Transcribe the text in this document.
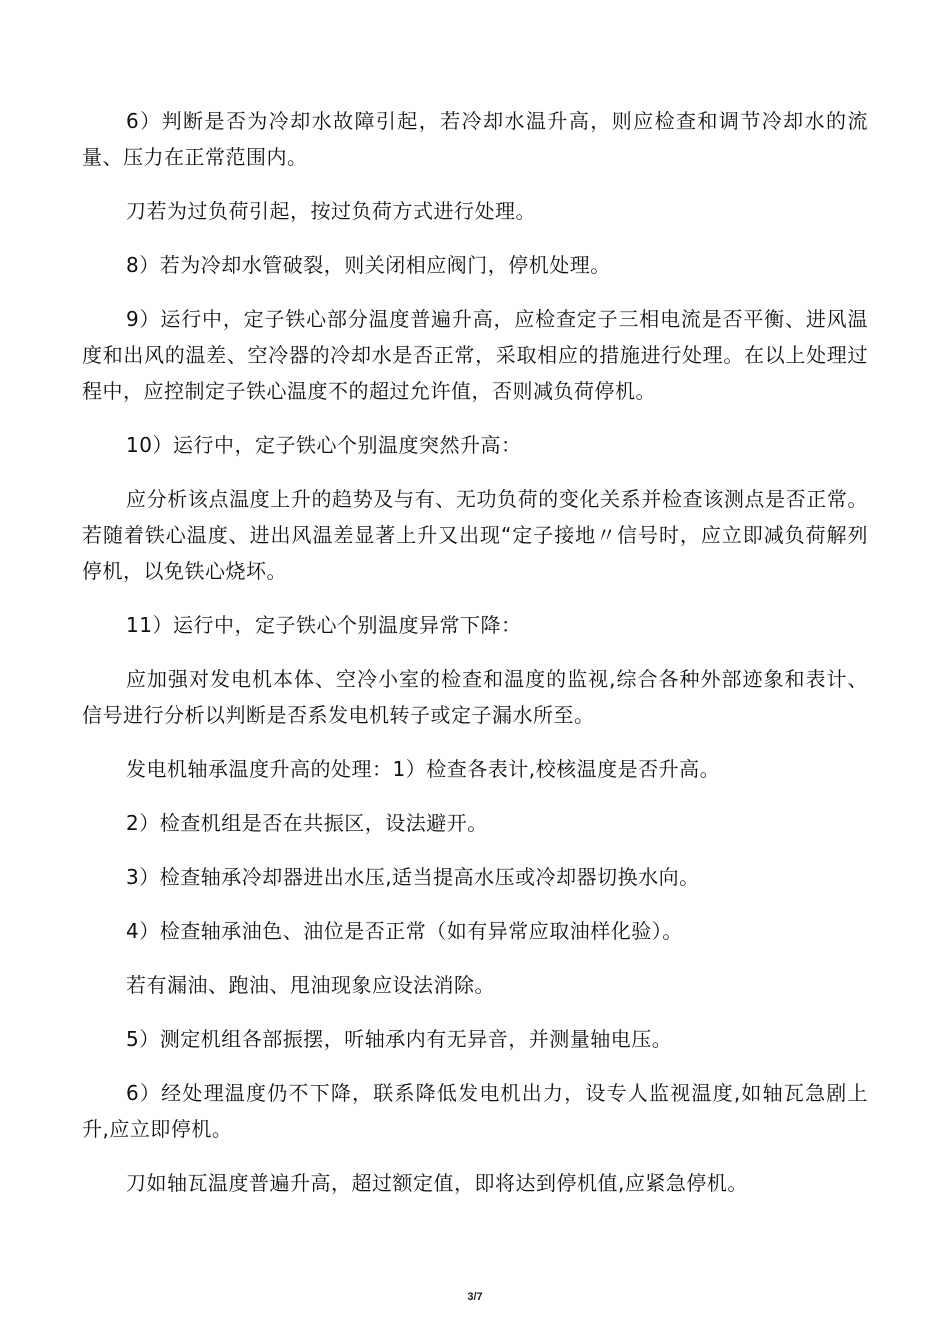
6）判断是否为冷却水故障引起，若冷却水温升高，则应检查和调节冷却水的流量、压力在正常范围内。

刀若为过负荷引起，按过负荷方式进行处理。

8）若为冷却水管破裂，则关闭相应阀门，停机处理。

9）运行中，定子铁心部分温度普遍升高，应检查定子三相电流是否平衡、进风温度和出风的温差、空冷器的冷却水是否正常，采取相应的措施进行处理。在以上处理过程中，应控制定子铁心温度不的超过允许值，否则减负荷停机。

10）运行中，定子铁心个别温度突然升高：

应分析该点温度上升的趋势及与有、无功负荷的变化关系并检查该测点是否正常。若随着铁心温度、进出风温差显著上升又出现“定子接地〃信号时，应立即减负荷解列停机，以免铁心烧坏。

11）运行中，定子铁心个别温度异常下降：

应加强对发电机本体、空冷小室的检查和温度的监视,综合各种外部迹象和表计、信号进行分析以判断是否系发电机转子或定子漏水所至。

发电机轴承温度升高的处理：1）检查各表计,校核温度是否升高。

2）检查机组是否在共振区，设法避开。

3）检查轴承冷却器进出水压,适当提高水压或冷却器切换水向。

4）检查轴承油色、油位是否正常（如有异常应取油样化验）。

若有漏油、跑油、甩油现象应设法消除。

5）测定机组各部振摆，听轴承内有无异音，并测量轴电压。

6）经处理温度仍不下降，联系降低发电机出力，设专人监视温度,如轴瓦急剧上升,应立即停机。

刀如轴瓦温度普遍升高，超过额定值，即将达到停机值,应紧急停机。

3/7
